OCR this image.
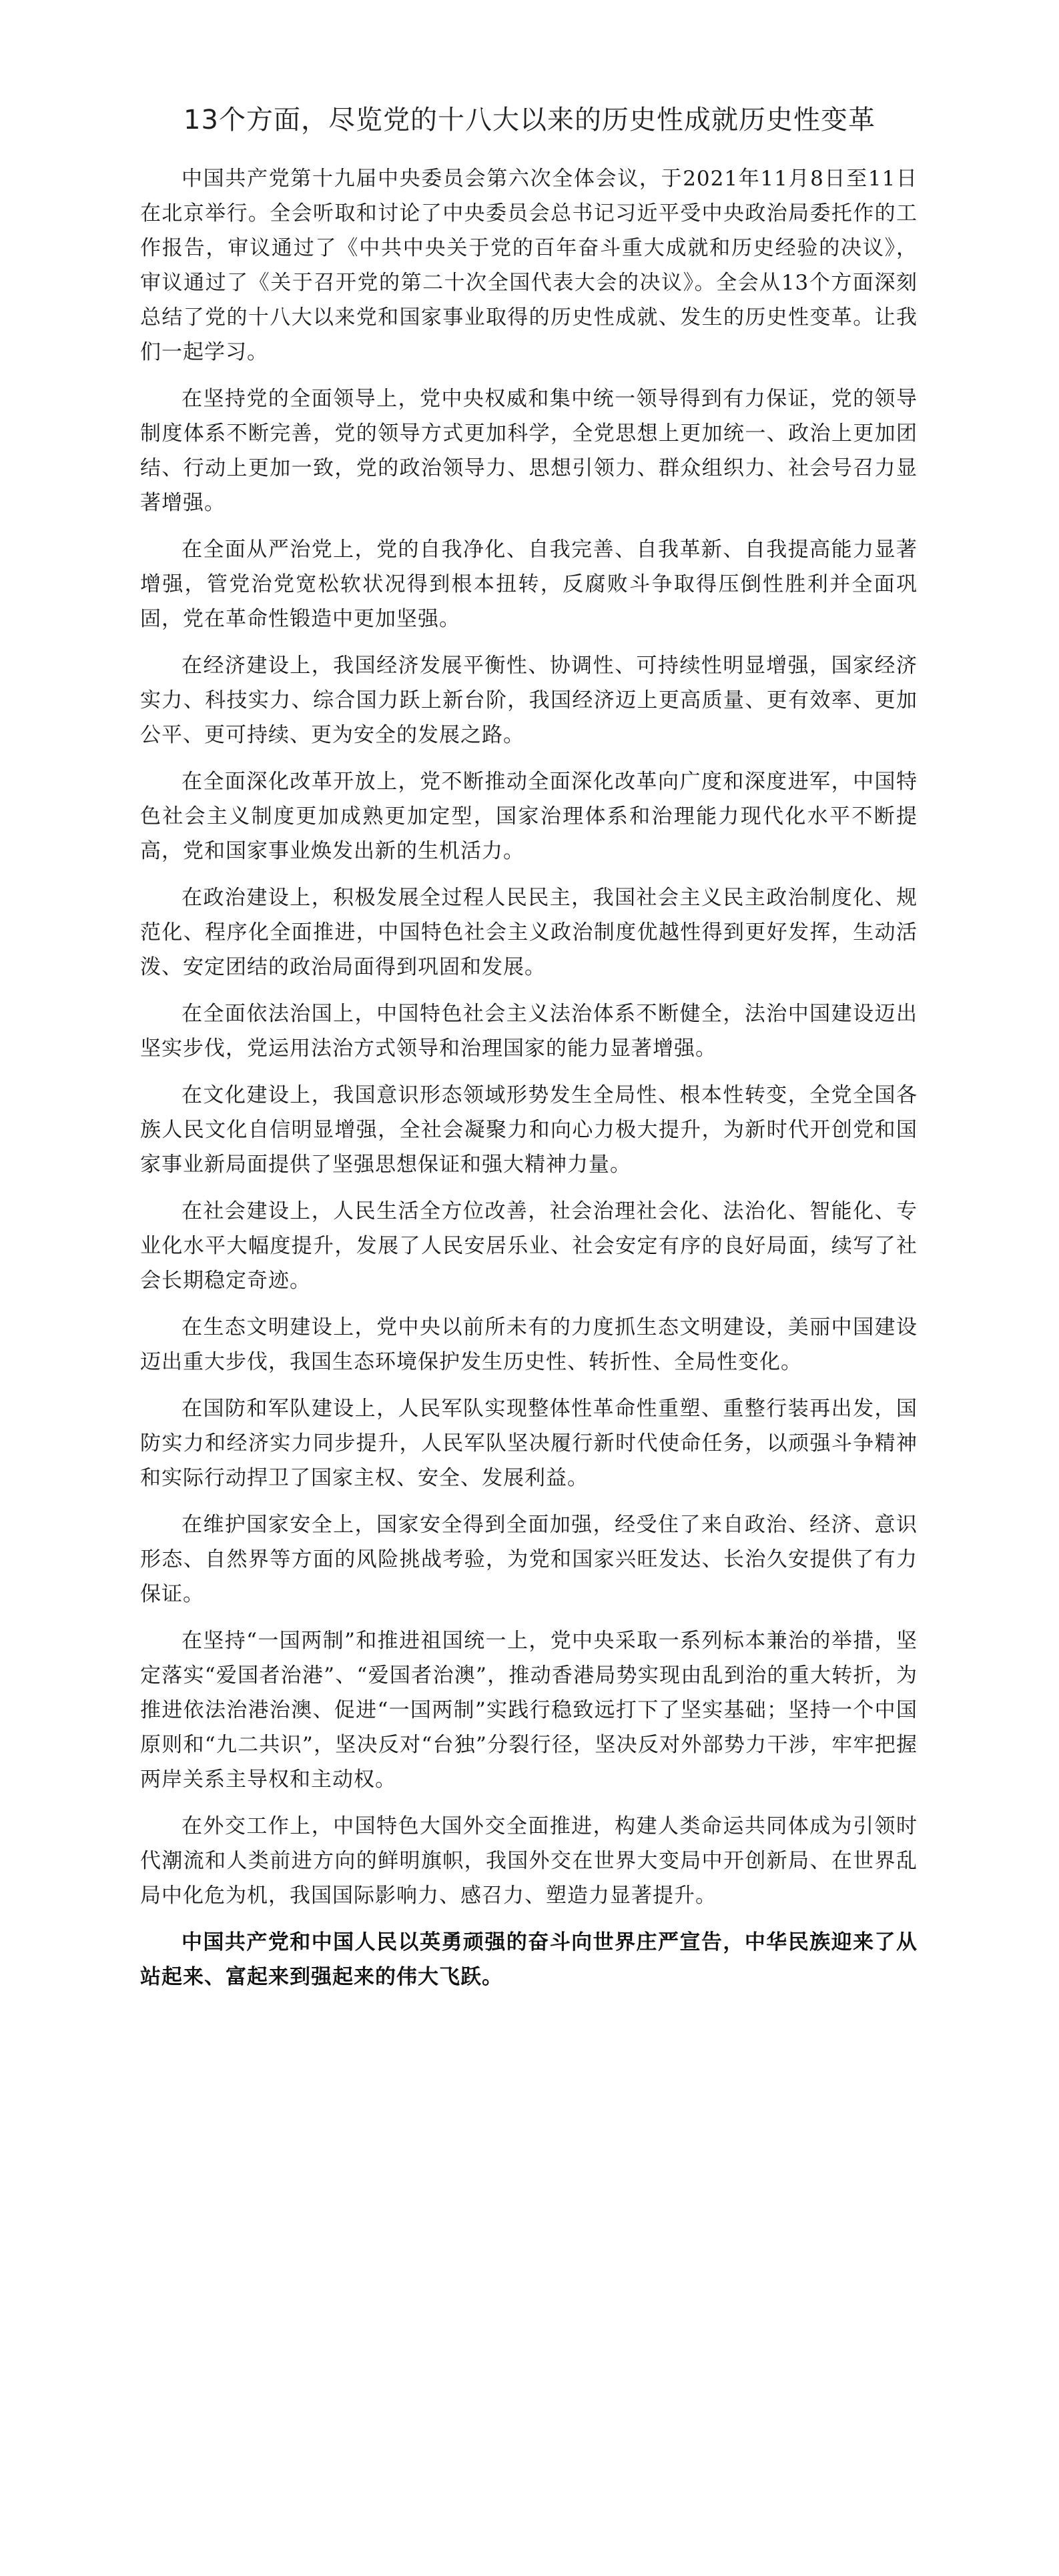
13个方面，尽览党的十八大以来的历史性成就历史性变革

中国共产党第十九届中央委员会第六次全体会议，于2021年11月8日至11日在北京举行。全会听取和讨论了中央委员会总书记习近平受中央政治局委托作的工作报告，审议通过了《中共中央关于党的百年奋斗重大成就和历史经验的决议》，审议通过了《关于召开党的第二十次全国代表大会的决议》。全会从13个方面深刻总结了党的十八大以来党和国家事业取得的历史性成就、发生的历史性变革。让我们一起学习。

在坚持党的全面领导上，党中央权威和集中统一领导得到有力保证，党的领导制度体系不断完善，党的领导方式更加科学，全党思想上更加统一、政治上更加团结、行动上更加一致，党的政治领导力、思想引领力、群众组织力、社会号召力显著增强。

在全面从严治党上，党的自我净化、自我完善、自我革新、自我提高能力显著增强，管党治党宽松软状况得到根本扭转，反腐败斗争取得压倒性胜利并全面巩固，党在革命性锻造中更加坚强。

在经济建设上，我国经济发展平衡性、协调性、可持续性明显增强，国家经济实力、科技实力、综合国力跃上新台阶，我国经济迈上更高质量、更有效率、更加公平、更可持续、更为安全的发展之路。

在全面深化改革开放上，党不断推动全面深化改革向广度和深度进军，中国特色社会主义制度更加成熟更加定型，国家治理体系和治理能力现代化水平不断提高，党和国家事业焕发出新的生机活力。

在政治建设上，积极发展全过程人民民主，我国社会主义民主政治制度化、规范化、程序化全面推进，中国特色社会主义政治制度优越性得到更好发挥，生动活泼、安定团结的政治局面得到巩固和发展。

在全面依法治国上，中国特色社会主义法治体系不断健全，法治中国建设迈出坚实步伐，党运用法治方式领导和治理国家的能力显著增强。

在文化建设上，我国意识形态领域形势发生全局性、根本性转变，全党全国各族人民文化自信明显增强，全社会凝聚力和向心力极大提升，为新时代开创党和国家事业新局面提供了坚强思想保证和强大精神力量。

在社会建设上，人民生活全方位改善，社会治理社会化、法治化、智能化、专业化水平大幅度提升，发展了人民安居乐业、社会安定有序的良好局面，续写了社会长期稳定奇迹。

在生态文明建设上，党中央以前所未有的力度抓生态文明建设，美丽中国建设迈出重大步伐，我国生态环境保护发生历史性、转折性、全局性变化。

在国防和军队建设上，人民军队实现整体性革命性重塑、重整行装再出发，国防实力和经济实力同步提升，人民军队坚决履行新时代使命任务，以顽强斗争精神和实际行动捍卫了国家主权、安全、发展利益。

在维护国家安全上，国家安全得到全面加强，经受住了来自政治、经济、意识形态、自然界等方面的风险挑战考验，为党和国家兴旺发达、长治久安提供了有力保证。

在坚持“一国两制”和推进祖国统一上，党中央采取一系列标本兼治的举措，坚定落实“爱国者治港”、“爱国者治澳”，推动香港局势实现由乱到治的重大转折，为推进依法治港治澳、促进“一国两制”实践行稳致远打下了坚实基础；坚持一个中国原则和“九二共识”，坚决反对“台独”分裂行径，坚决反对外部势力干涉，牢牢把握两岸关系主导权和主动权。

在外交工作上，中国特色大国外交全面推进，构建人类命运共同体成为引领时代潮流和人类前进方向的鲜明旗帜，我国外交在世界大变局中开创新局、在世界乱局中化危为机，我国国际影响力、感召力、塑造力显著提升。

中国共产党和中国人民以英勇顽强的奋斗向世界庄严宣告，中华民族迎来了从站起来、富起来到强起来的伟大飞跃。
